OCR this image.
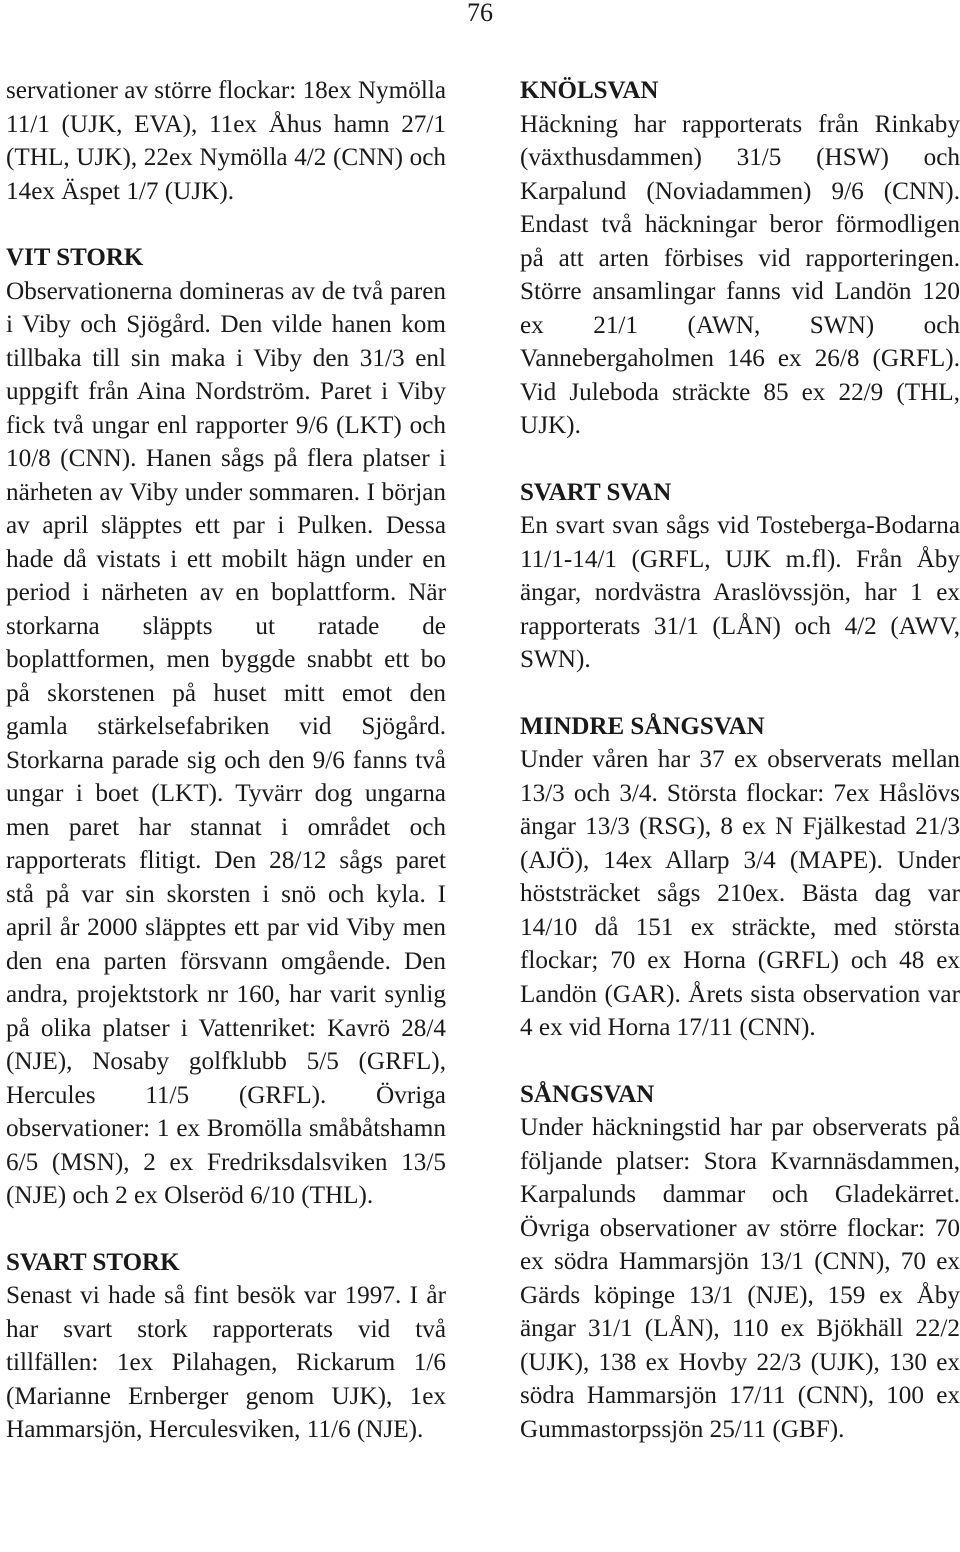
76

servationer av större flockar: 18ex Nymölla 11/1 (UJK, EVA), 11ex Åhus hamn 27/1 (THL, UJK), 22ex Nymölla 4/2 (CNN) och 14ex Äspet 1/7 (UJK).

VIT STORK

Observationerna domineras av de två paren i Viby och Sjögård. Den vilde hanen kom tillbaka till sin maka i Viby den 31/3 enl uppgift från Aina Nordström. Paret i Viby fick två ungar enl rapporter 9/6 (LKT) och 10/8 (CNN). Hanen sågs på flera platser i närheten av Viby under sommaren. I början av april släpptes ett par i Pulken. Dessa hade då vistats i ett mobilt hägn under en period i närheten av en boplattform. När storkarna släppts ut ratade de boplattformen, men byggde snabbt ett bo på skorstenen på huset mitt emot den gamla stärkelsefabriken vid Sjögård. Storkarna parade sig och den 9/6 fanns två ungar i boet (LKT). Tyvärr dog ungarna men paret har stannat i området och rapporterats flitigt. Den 28/12 sågs paret stå på var sin skorsten i snö och kyla. I april år 2000 släpptes ett par vid Viby men den ena parten försvann omgående. Den andra, projektstork nr 160, har varit synlig på olika platser i Vattenriket: Kavrö 28/4 (NJE), Nosaby golfklubb 5/5 (GRFL), Hercules 11/5 (GRFL). Övriga observationer: 1 ex Bromölla småbåtshamn 6/5 (MSN), 2 ex Fredriksdalsviken 13/5 (NJE) och 2 ex Olseröd 6/10 (THL).

SVART STORK

Senast vi hade så fint besök var 1997. I år har svart stork rapporterats vid två tillfällen: 1ex Pilahagen, Rickarum 1/6 (Marianne Ernberger genom UJK), 1ex Hammarsjön, Herculesviken, 11/6 (NJE).

KNÖLSVAN

Häckning har rapporterats från Rinkaby (växthusdammen) 31/5 (HSW) och Karpalund (Noviadammen) 9/6 (CNN). Endast två häckningar beror förmodligen på att arten förbises vid rapporteringen. Större ansamlingar fanns vid Landön 120 ex 21/1 (AWN, SWN) och Vannebergaholmen 146 ex 26/8 (GRFL). Vid Juleboda sträckte 85 ex 22/9 (THL, UJK).

SVART SVAN

En svart svan sågs vid Tosteberga-Bodarna 11/1-14/1 (GRFL, UJK m.fl). Från Åby ängar, nordvästra Araslövssjön, har 1 ex rapporterats 31/1 (LÅN) och 4/2 (AWV, SWN).

MINDRE SÅNGSVAN

Under våren har 37 ex observerats mellan 13/3 och 3/4. Största flockar: 7ex Håslövs ängar 13/3 (RSG), 8 ex N Fjälkestad 21/3 (AJÖ), 14ex Allarp 3/4 (MAPE). Under höststräcket sågs 210ex. Bästa dag var 14/10 då 151 ex sträckte, med största flockar; 70 ex Horna (GRFL) och 48 ex Landön (GAR). Årets sista observation var 4 ex vid Horna 17/11 (CNN).

SÅNGSVAN

Under häckningstid har par observerats på följande platser: Stora Kvarnnäsdammen, Karpalunds dammar och Gladekärret. Övriga observationer av större flockar: 70 ex södra Hammarsjön 13/1 (CNN), 70 ex Gärds köpinge 13/1 (NJE), 159 ex Åby ängar 31/1 (LÅN), 110 ex Bjökhäll 22/2 (UJK), 138 ex Hovby 22/3 (UJK), 130 ex södra Hammarsjön 17/11 (CNN), 100 ex Gummastorpssjön 25/11 (GBF).
